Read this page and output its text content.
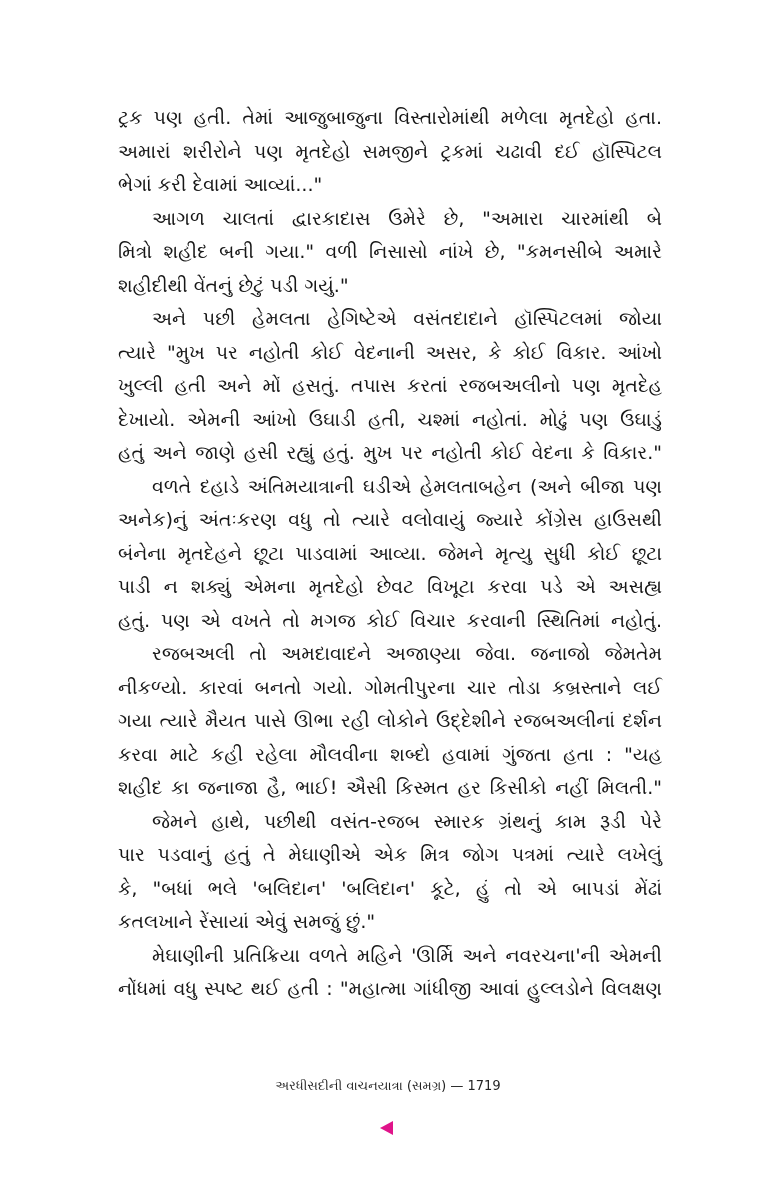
ટ્રક પણ હતી. તેમાં આજુબાજુના વિસ્તારોમાંથી મળેલા મૃતદેહો હતા.
અમારાં શરીરોને પણ મૃતદેહો સમજીને ટ્રકમાં ચઢાવી દઈ હૉસ્પિટલ
ભેગાં કરી દેવામાં આવ્યાં..."
આગળ ચાલતાં દ્વારકાદાસ ઉમેરે છે, "અમારા ચારમાંથી બે
મિત્રો શહીદ બની ગયા." વળી નિસાસો નાંખે છે, "કમનસીબે અમારે
શહીદીથી વેંતનું છેટું પડી ગયું."
અને પછી હેમલતા હેગિષ્ટેએ વસંતદાદાને હૉસ્પિટલમાં જોયા
ત્યારે "મુખ પર નહોતી કોઈ વેદનાની અસર, કે કોઈ વિકાર. આંખો
ખુલ્લી હતી અને મોં હસતું. તપાસ કરતાં રજબઅલીનો પણ મૃતદેહ
દેખાયો. એમની આંખો ઉઘાડી હતી, ચશ્માં નહોતાં. મોઢું પણ ઉઘાડું
હતું અને જાણે હસી રહ્યું હતું. મુખ પર નહોતી કોઈ વેદના કે વિકાર."
વળતે દહાડે અંતિમયાત્રાની ઘડીએ હેમલતાબહેન (અને બીજા પણ
અનેક)નું અંતઃકરણ વધુ તો ત્યારે વલોવાયું જ્યારે કોંગ્રેસ હાઉસથી
બંનેના મૃતદેહને છૂટા પાડવામાં આવ્યા. જેમને મૃત્યુ સુધી કોઈ છૂટા
પાડી ન શક્યું એમના મૃતદેહો છેવટ વિખૂટા કરવા પડે એ અસહ્ય
હતું. પણ એ વખતે તો મગજ કોઈ વિચાર કરવાની સ્થિતિમાં નહોતું.
રજબઅલી તો અમદાવાદને અજાણ્યા જેવા. જનાજો જેમતેમ
નીકળ્યો. કારવાં બનતો ગયો. ગોમતીપુરના ચાર તોડા કબ્રસ્તાને લઈ
ગયા ત્યારે મૈયત પાસે ઊભા રહી લોકોને ઉદ્દેશીને રજબઅલીનાં દર્શન
કરવા માટે કહી રહેલા મૌલવીના શબ્દો હવામાં ગુંજતા હતા : "યહ
શહીદ કા જનાજા હૈ, ભાઈ! ઐસી કિસ્મત હર કિસીકો નહીં મિલતી."
જેમને હાથે, પછીથી વસંત-રજબ સ્મારક ગ્રંથનું કામ રૂડી પેરે
પાર પડવાનું હતું તે મેઘાણીએ એક મિત્ર જોગ પત્રમાં ત્યારે લખેલું
કે, "બધાં ભલે 'બલિદાન' 'બલિદાન' કૂટે, હું તો એ બાપડાં મેંઢાં
કતલખાને રેંસાયાં એવું સમજું છું."
મેઘાણીની પ્રતિક્રિયા વળતે મહિને 'ઊર્મિ અને નવરચના'ની એમની
નોંધમાં વધુ સ્પષ્ટ થઈ હતી : "મહાત્મા ગાંધીજી આવાં હુલ્લડોને વિલક્ષણ
અરધીસદીની વાચનયાત્રા (સમગ્ર) — 1719
